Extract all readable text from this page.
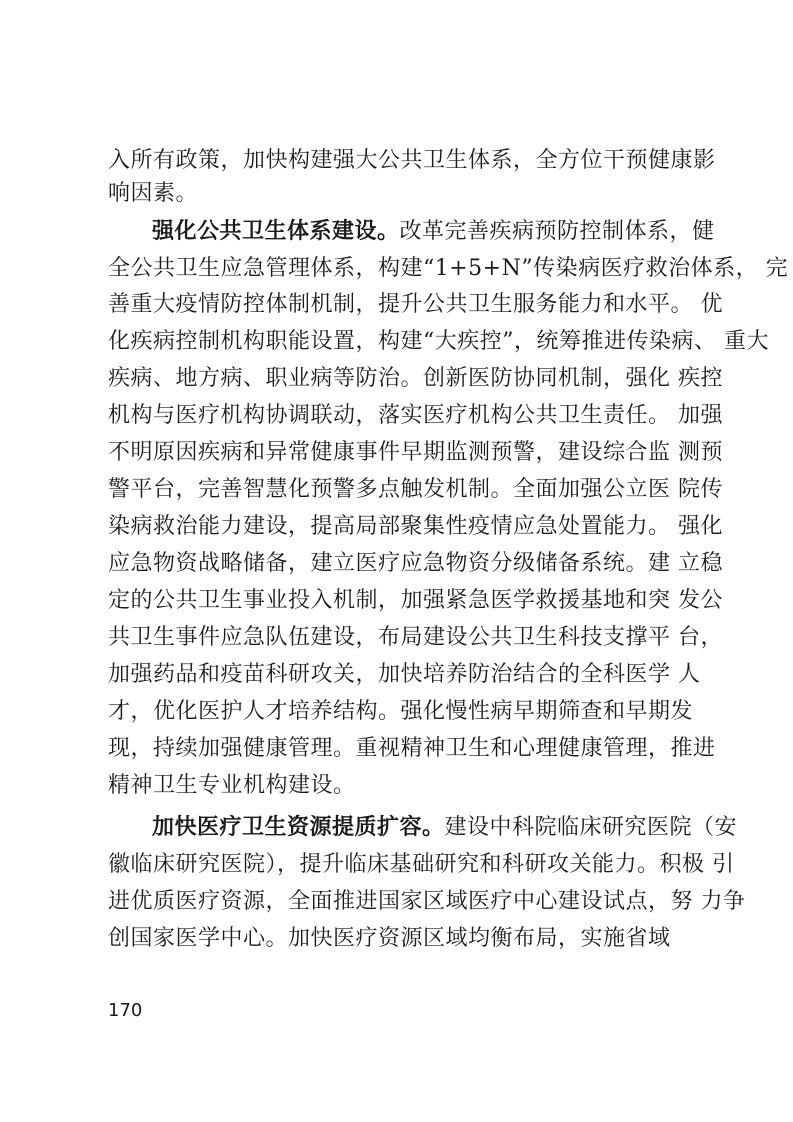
入所有政策，加快构建强大公共卫生体系，全方位干预健康影
响因素。
强化公共卫生体系建设。改革完善疾病预防控制体系，健
全公共卫生应急管理体系，构建“1+5+N”传染病医疗救治体系， 完
善重大疫情防控体制机制，提升公共卫生服务能力和水平。 优
化疾病控制机构职能设置，构建“大疾控”，统筹推进传染病、 重大
疾病、地方病、职业病等防治。创新医防协同机制，强化 疾控
机构与医疗机构协调联动，落实医疗机构公共卫生责任。 加强
不明原因疾病和异常健康事件早期监测预警，建设综合监 测预
警平台，完善智慧化预警多点触发机制。全面加强公立医 院传
染病救治能力建设，提高局部聚集性疫情应急处置能力。 强化
应急物资战略储备，建立医疗应急物资分级储备系统。建 立稳
定的公共卫生事业投入机制，加强紧急医学救援基地和突 发公
共卫生事件应急队伍建设，布局建设公共卫生科技支撑平 台，
加强药品和疫苗科研攻关，加快培养防治结合的全科医学 人
才，优化医护人才培养结构。强化慢性病早期筛查和早期发
现，持续加强健康管理。重视精神卫生和心理健康管理，推进
精神卫生专业机构建设。
加快医疗卫生资源提质扩容。建设中科院临床研究医院（安
徽临床研究医院），提升临床基础研究和科研攻关能力。积极 引
进优质医疗资源，全面推进国家区域医疗中心建设试点，努 力争
创国家医学中心。加快医疗资源区域均衡布局，实施省域
170
